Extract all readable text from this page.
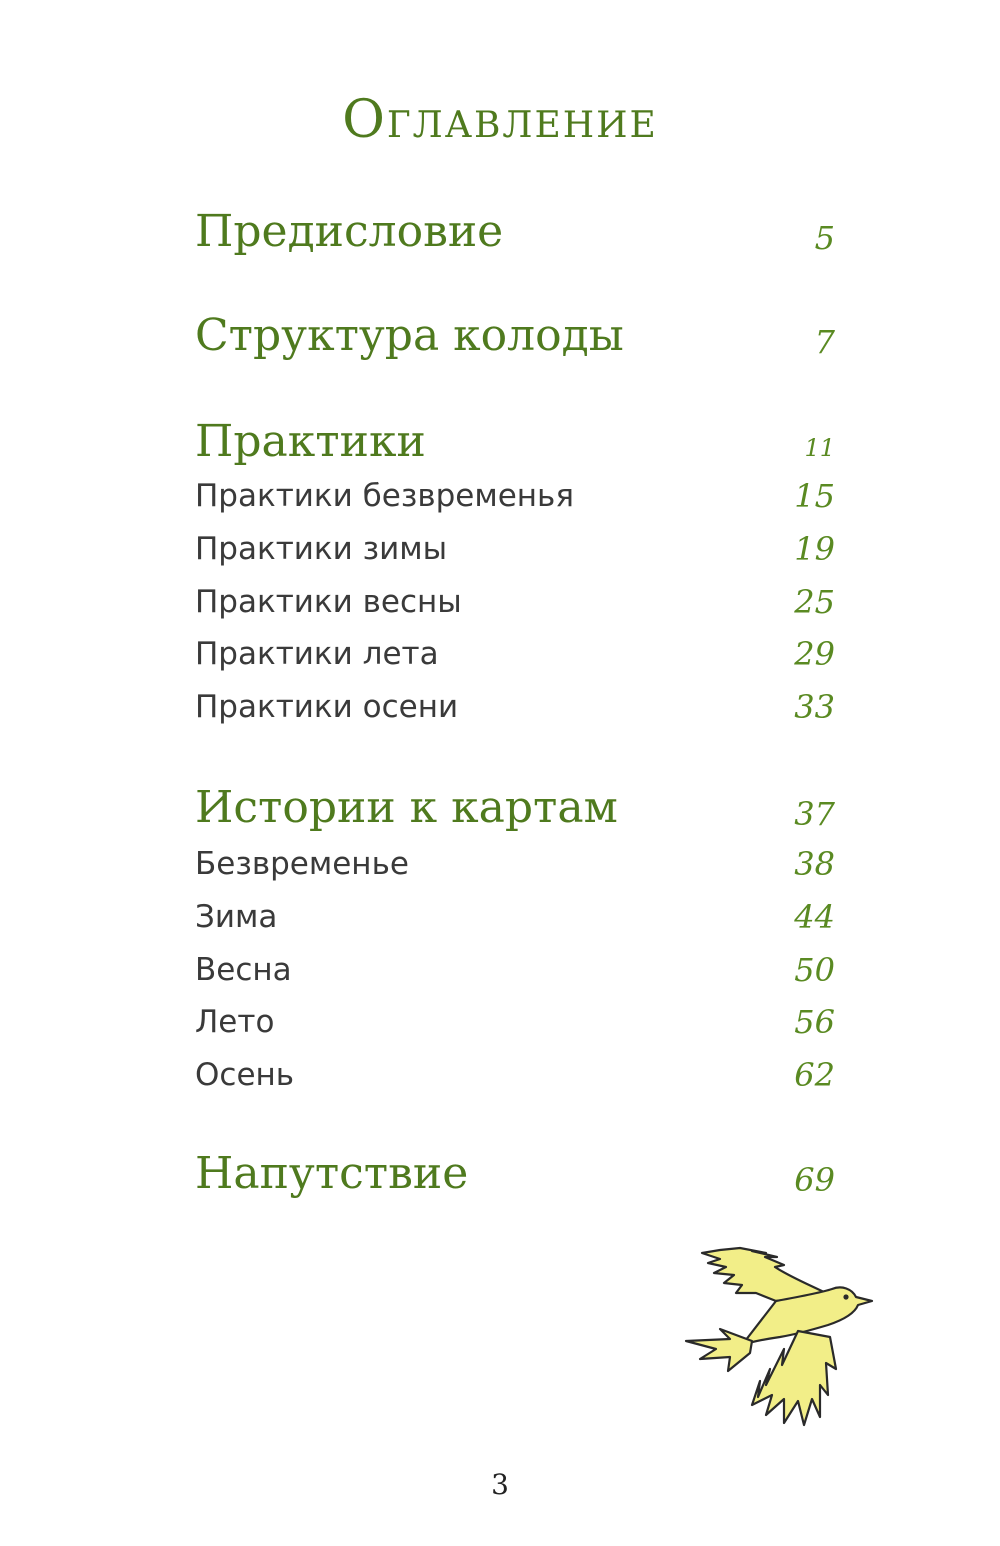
Оглавление
Предисловие	5
Структура колоды	7
Практики	11
Практики безвременья	15
Практики зимы	19
Практики весны	25
Практики лета	29
Практики осени	33
Истории к картам	37
Безвременье	38
Зима	44
Весна	50
Лето	56
Осень	62
Напутствие	69
3
